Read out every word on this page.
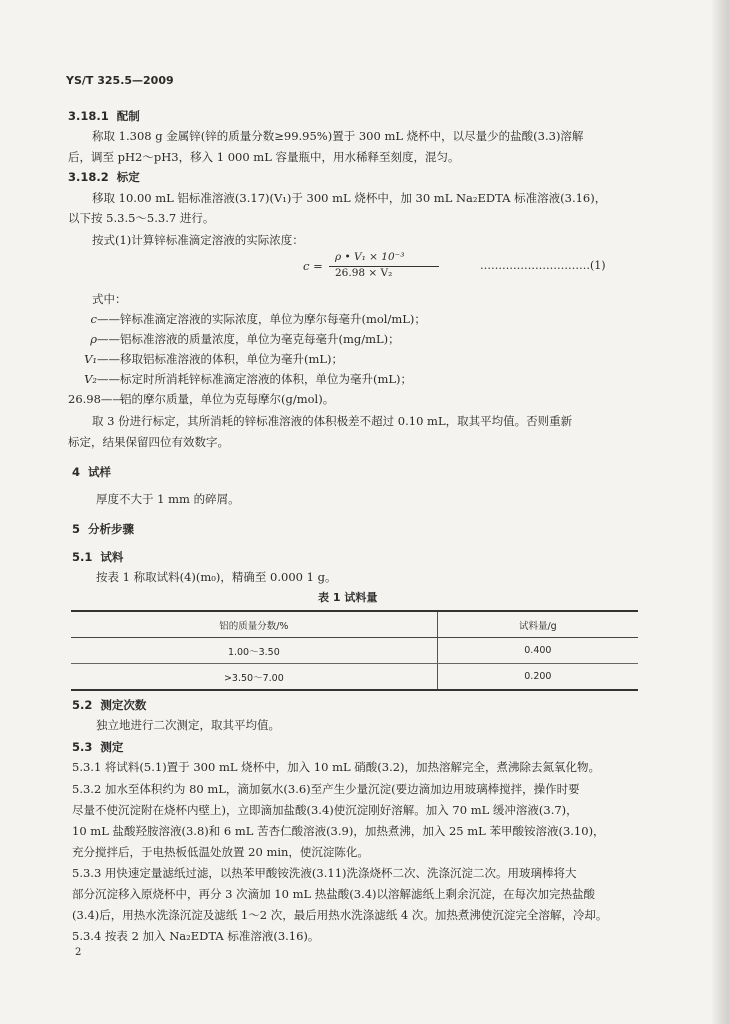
YS/T 325.5—2009
3.18.1 配制
称取 1.308 g 金属锌(锌的质量分数≥99.95%)置于 300 mL 烧杯中，以尽量少的盐酸(3.3)溶解
后，调至 pH2～pH3，移入 1 000 mL 容量瓶中，用水稀释至刻度，混匀。
3.18.2 标定
移取 10.00 mL 铝标准溶液(3.17)(V₁)于 300 mL 烧杯中，加 30 mL Na₂EDTA 标准溶液(3.16)，
以下按 5.3.5～5.3.7 进行。
按式(1)计算锌标准滴定溶液的实际浓度：
c =
ρ • V₁ × 10⁻³
26.98 × V₂
…………………………(1)
式中：
c——锌标准滴定溶液的实际浓度，单位为摩尔每毫升(mol/mL)；
ρ——铝标准溶液的质量浓度，单位为毫克每毫升(mg/mL)；
V₁——移取铝标准溶液的体积，单位为毫升(mL)；
V₂——标定时所消耗锌标准滴定溶液的体积，单位为毫升(mL)；
26.98——铝的摩尔质量，单位为克每摩尔(g/mol)。
取 3 份进行标定，其所消耗的锌标准溶液的体积极差不超过 0.10 mL，取其平均值。否则重新
标定，结果保留四位有效数字。
4 试样
厚度不大于 1 mm 的碎屑。
5 分析步骤
5.1 试料
按表 1 称取试料(4)(m₀)，精确至 0.000 1 g。
表 1 试料量
铝的质量分数/%	试料量/g
1.00～3.50	0.400
>3.50～7.00	0.200
5.2 测定次数
独立地进行二次测定，取其平均值。
5.3 测定
5.3.1 将试料(5.1)置于 300 mL 烧杯中，加入 10 mL 硝酸(3.2)，加热溶解完全，煮沸除去氮氧化物。
5.3.2 加水至体积约为 80 mL，滴加氨水(3.6)至产生少量沉淀(要边滴加边用玻璃棒搅拌，操作时要
尽量不使沉淀附在烧杯内壁上)，立即滴加盐酸(3.4)使沉淀刚好溶解。加入 70 mL 缓冲溶液(3.7)，
10 mL 盐酸羟胺溶液(3.8)和 6 mL 苦杏仁酸溶液(3.9)，加热煮沸，加入 25 mL 苯甲酸铵溶液(3.10)，
充分搅拌后，于电热板低温处放置 20 min，使沉淀陈化。
5.3.3 用快速定量滤纸过滤，以热苯甲酸铵洗液(3.11)洗涤烧杯二次、洗涤沉淀二次。用玻璃棒将大
部分沉淀移入原烧杯中，再分 3 次滴加 10 mL 热盐酸(3.4)以溶解滤纸上剩余沉淀，在每次加完热盐酸
(3.4)后，用热水洗涤沉淀及滤纸 1～2 次，最后用热水洗涤滤纸 4 次。加热煮沸使沉淀完全溶解，冷却。
5.3.4 按表 2 加入 Na₂EDTA 标准溶液(3.16)。
2
